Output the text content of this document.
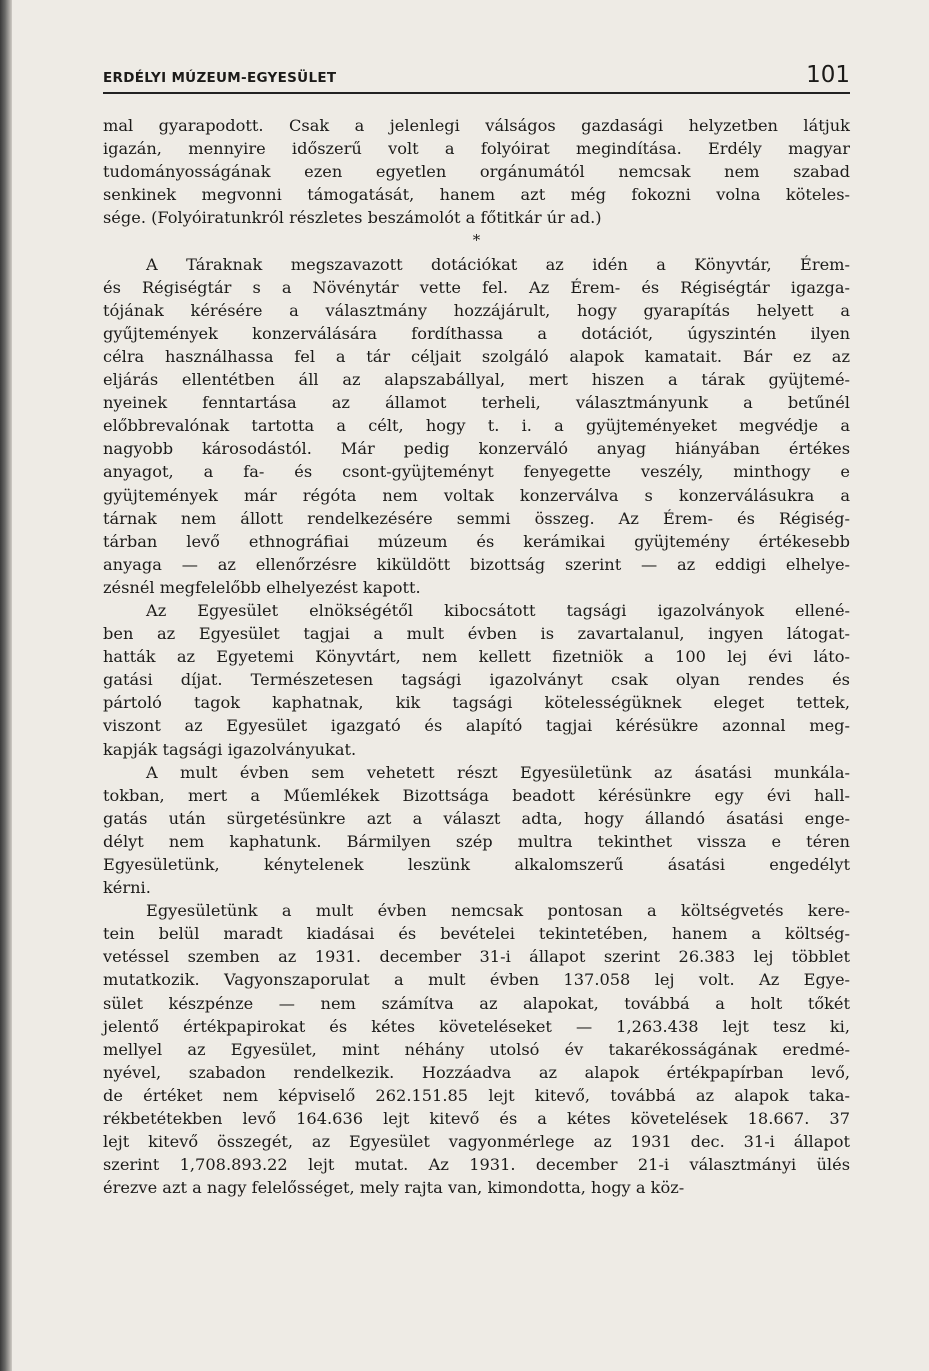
ERDÉLYI MÚZEUM-EGYESÜLET	101

mal gyarapodott. Csak a jelenlegi válságos gazdasági helyzetben látjuk
igazán, mennyire időszerű volt a folyóirat megindítása. Erdély magyar
tudományosságának ezen egyetlen orgánumától nemcsak nem szabad
senkinek megvonni támogatását, hanem azt még fokozni volna köteles-
sége. (Folyóiratunkról részletes beszámolót a főtitkár úr ad.)

*

A Táraknak megszavazott dotációkat az idén a Könyvtár, Érem-
és Régiségtár s a Növénytár vette fel. Az Érem- és Régiségtár igazga-
tójának kérésére a választmány hozzájárult, hogy gyarapítás helyett a
gyűjtemények konzerválására fordíthassa a dotációt, úgyszintén ilyen
célra használhassa fel a tár céljait szolgáló alapok kamatait. Bár ez az
eljárás ellentétben áll az alapszabállyal, mert hiszen a tárak gyüjtemé-
nyeinek fenntartása az államot terheli, választmányunk a betűnél
előbbrevalónak tartotta a célt, hogy t. i. a gyüjteményeket megvédje a
nagyobb károsodástól. Már pedig konzerváló anyag hiányában értékes
anyagot, a fa- és csont-gyüjteményt fenyegette veszély, minthogy e
gyüjtemények már régóta nem voltak konzerválva s konzerválásukra a
tárnak nem állott rendelkezésére semmi összeg. Az Érem- és Régiség-
tárban levő ethnográfiai múzeum és kerámikai gyüjtemény értékesebb
anyaga — az ellenőrzésre kiküldött bizottság szerint — az eddigi elhelye-
zésnél megfelelőbb elhelyezést kapott.

Az Egyesület elnökségétől kibocsátott tagsági igazolványok ellené-
ben az Egyesület tagjai a mult évben is zavartalanul, ingyen látogat-
hatták az Egyetemi Könyvtárt, nem kellett fizetniök a 100 lej évi láto-
gatási díjat. Természetesen tagsági igazolványt csak olyan rendes és
pártoló tagok kaphatnak, kik tagsági kötelességüknek eleget tettek,
viszont az Egyesület igazgató és alapító tagjai kérésükre azonnal meg-
kapják tagsági igazolványukat.

A mult évben sem vehetett részt Egyesületünk az ásatási munkála-
tokban, mert a Műemlékek Bizottsága beadott kérésünkre egy évi hall-
gatás után sürgetésünkre azt a választ adta, hogy állandó ásatási enge-
délyt nem kaphatunk. Bármilyen szép multra tekinthet vissza e téren
Egyesületünk, kénytelenek leszünk alkalomszerű ásatási engedélyt
kérni.

Egyesületünk a mult évben nemcsak pontosan a költségvetés kere-
tein belül maradt kiadásai és bevételei tekintetében, hanem a költség-
vetéssel szemben az 1931. december 31-i állapot szerint 26.383 lej többlet
mutatkozik. Vagyonszaporulat a mult évben 137.058 lej volt. Az Egye-
sület készpénze — nem számítva az alapokat, továbbá a holt tőkét
jelentő értékpapirokat és kétes követeléseket — 1,263.438 lejt tesz ki,
mellyel az Egyesület, mint néhány utolsó év takarékosságának eredmé-
nyével, szabadon rendelkezik. Hozzáadva az alapok értékpapírban levő,
de értéket nem képviselő 262.151.85 lejt kitevő, továbbá az alapok taka-
rékbetétekben levő 164.636 lejt kitevő és a kétes követelések 18.667. 37
lejt kitevő összegét, az Egyesület vagyonmérlege az 1931 dec. 31-i állapot
szerint 1,708.893.22 lejt mutat. Az 1931. december 21-i választmányi ülés
érezve azt a nagy felelősséget, mely rajta van, kimondotta, hogy a köz-
